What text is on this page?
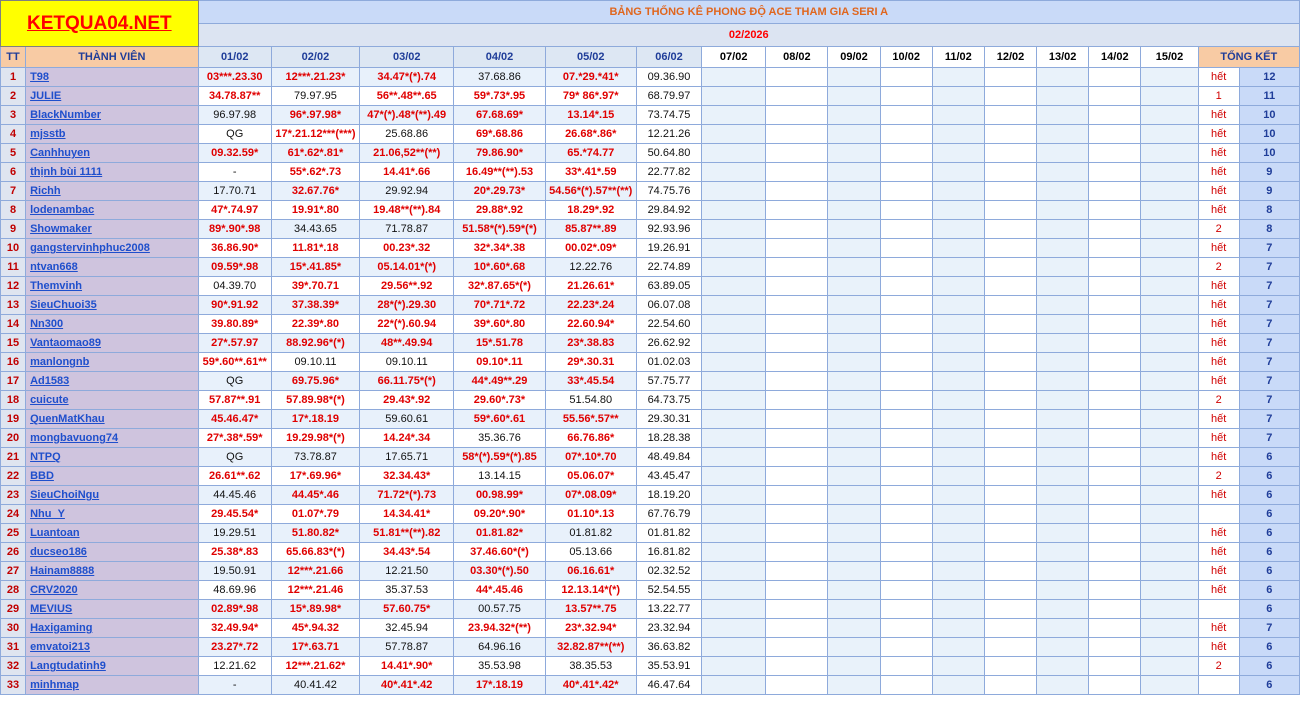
KETQUA04.NET		BẢNG THỐNG KÊ PHONG ĐỘ ACE THAM GIA SERI A																
		02/2026																
TT	THÀNH VIÊN	01/02	02/02	03/02	04/02	05/02	06/02	07/02	08/02	09/02	10/02	11/02	12/02	13/02	14/02	15/02	TỔNG KẾT	
1	T98	03***.23.30	12***.21.23*	34.47*(*).74	37.68.86	07.*29.*41*	09.36.90										hết	12
2	JULIE	34.78.87**	79.97.95	56**.48**.65	59*.73*.95	79* 86*.97*	68.79.97										1	11
3	BlackNumber	96.97.98	96*.97.98*	47*(*).48*(**).49	67.68.69*	13.14*.15	73.74.75										hết	10
4	mjsstb	QG	17*.21.12***(***)	25.68.86	69*.68.86	26.68*.86*	12.21.26										hết	10
5	Canhhuyen	09.32.59*	61*.62*.81*	21.06,52**(**)	79.86.90*	65.*74.77	50.64.80										hết	10
6	thịnh bùi 1111	-	55*.62*.73	14.41*.66	16.49**(**).53	33*.41*.59	22.77.82										hết	9
7	Richh	17.70.71	32.67.76*	29.92.94	20*.29.73*	54.56*(*).57**(**)	74.75.76										hết	9
8	lodenambac	47*.74.97	19.91*.80	19.48**(**).84	29.88*.92	18.29*.92	29.84.92										hết	8
9	Showmaker	89*.90*.98	34.43.65	71.78.87	51.58*(*).59*(*)	85.87**.89	92.93.96										2	8
10	gangstervinhphuc2008	36.86.90*	11.81*.18	00.23*.32	32*.34*.38	00.02*.09*	19.26.91										hết	7
11	ntvan668	09.59*.98	15*.41.85*	05.14.01*(*)	10*.60*.68	12.22.76	22.74.89										2	7
12	Themvinh	04.39.70	39*.70.71	29.56**.92	32*.87.65*(*)	21.26.61*	63.89.05										hết	7
13	SieuChuoi35	90*.91.92	37.38.39*	28*(*).29.30	70*.71*.72	22.23*.24	06.07.08										hết	7
14	Nn300	39.80.89*	22.39*.80	22*(*).60.94	39*.60*.80	22.60.94*	22.54.60										hết	7
15	Vantaomao89	27*.57.97	88.92.96*(*)	48**.49.94	15*.51.78	23*.38.83	26.62.92										hết	7
16	manlongnb	59*.60**.61**	09.10.11	09.10.11	09.10*.11	29*.30.31	01.02.03										hết	7
17	Ad1583	QG	69.75.96*	66.11.75*(*)	44*.49**.29	33*.45.54	57.75.77										hết	7
18	cuicute	57.87**.91	57.89.98*(*)	29.43*.92	29.60*.73*	51.54.80	64.73.75										2	7
19	QuenMatKhau	45.46.47*	17*.18.19	59.60.61	59*.60*.61	55.56*.57**	29.30.31										hết	7
20	mongbavuong74	27*.38*.59*	19.29.98*(*)	14.24*.34	35.36.76	66.76.86*	18.28.38										hết	7
21	NTPQ	QG	73.78.87	17.65.71	58*(*).59*(*).85	07*.10*.70	48.49.84										hết	6
22	BBD	26.61**.62	17*.69.96*	32.34.43*	13.14.15	05.06.07*	43.45.47										2	6
23	SieuChoiNgu	44.45.46	44.45*.46	71.72*(*).73	00.98.99*	07*.08.09*	18.19.20										hết	6
24	Nhu_Y	29.45.54*	01.07*.79	14.34.41*	09.20*.90*	01.10*.13	67.76.79											6
25	Luantoan	19.29.51	51.80.82*	51.81**(**).82	01.81.82*	01.81.82	01.81.82										hết	6
26	ducseo186	25.38*.83	65.66.83*(*)	34.43*.54	37.46.60*(*)	05.13.66	16.81.82										hết	6
27	Hainam8888	19.50.91	12***.21.66	12.21.50	03.30*(*).50	06.16.61*	02.32.52										hết	6
28	CRV2020	48.69.96	12***.21.46	35.37.53	44*.45.46	12.13.14*(*)	52.54.55										hết	6
29	MEVIUS	02.89*.98	15*.89.98*	57.60.75*	00.57.75	13.57**.75	13.22.77											6
30	Haxigaming	32.49.94*	45*.94.32	32.45.94	23.94.32*(**)	23*.32.94*	23.32.94										hết	7
31	emvatoi213	23.27*.72	17*.63.71	57.78.87	64.96.16	32.82.87**(**)	36.63.82										hết	6
32	Langtudatinh9	12.21.62	12***.21.62*	14.41*.90*	35.53.98	38.35.53	35.53.91										2	6
33	minhmap	-	40.41.42	40*.41*.42	17*.18.19	40*.41*.42*	46.47.64											6
